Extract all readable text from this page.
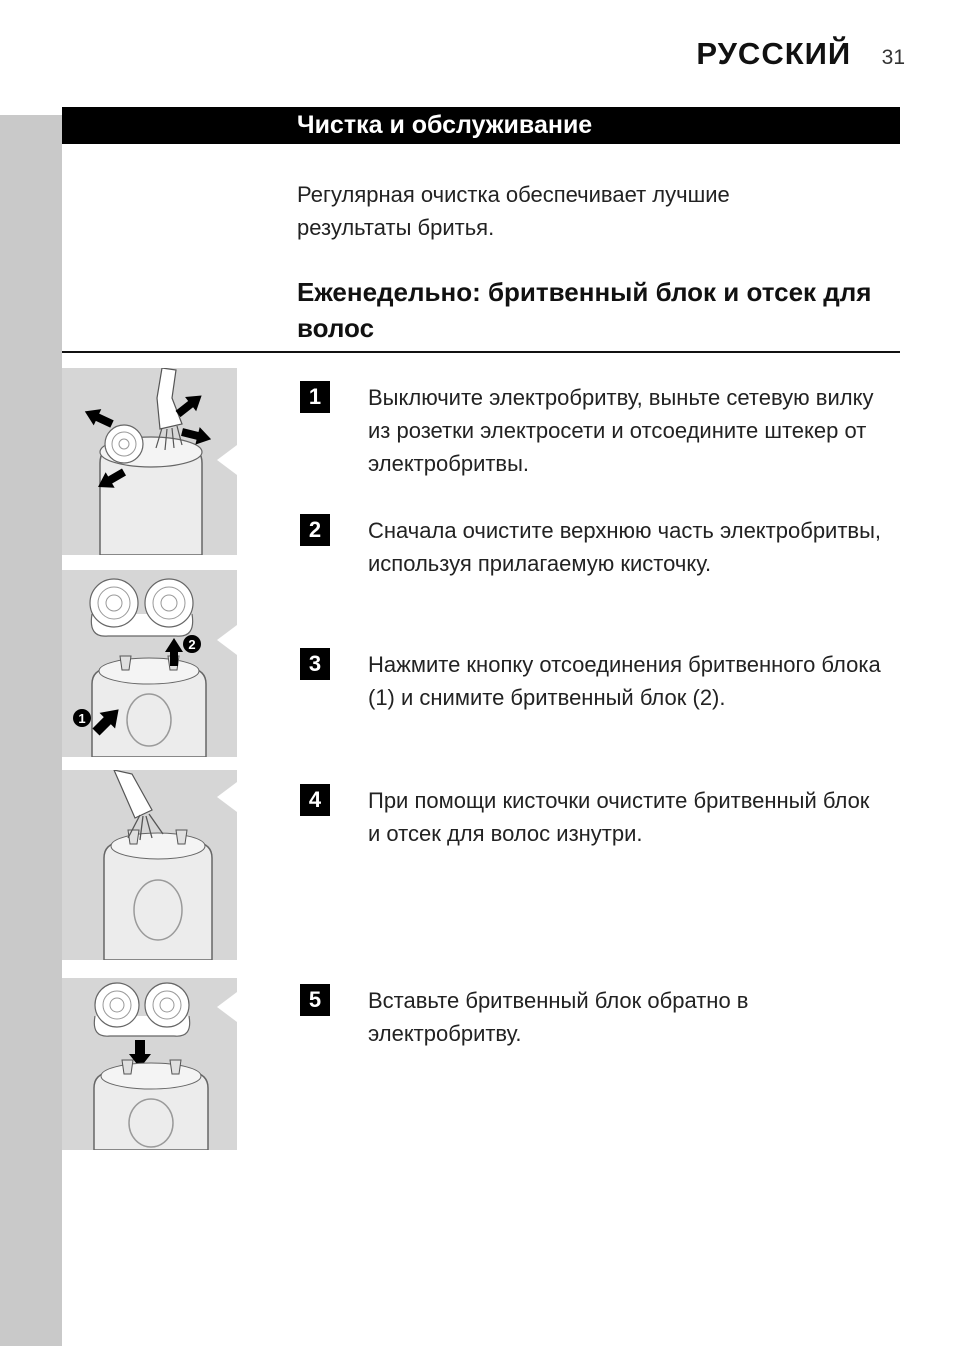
РУССКИЙ 31
Чистка и обслуживание

Регулярная очистка обеспечивает лучшие результаты бритья.

Еженедельно: бритвенный блок и отсек для волос
1	Выключите электробритву, выньте сетевую вилку из розетки электросети и отсоедините штекер от электробритвы.
2	Сначала очистите верхнюю часть электробритвы, используя прилагаемую кисточку.
3	Нажмите кнопку отсоединения бритвенного блока (1) и снимите бритвенный блок (2).
4	При помощи кисточки очистите бритвенный блок и отсек для волос изнутри.
5	Вставьте бритвенный блок обратно в электробритву.
2
1
